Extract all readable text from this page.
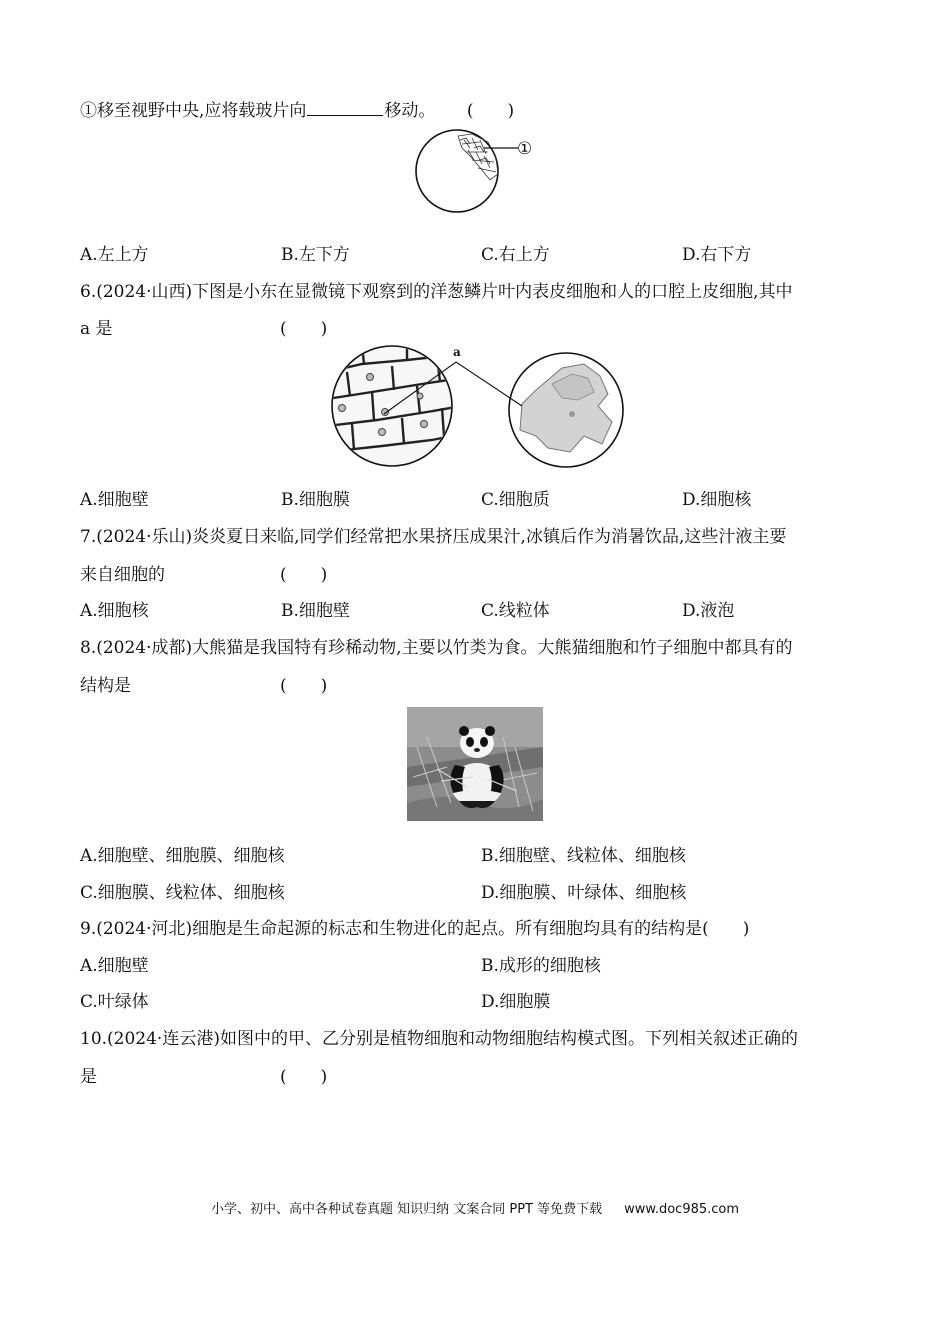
①移至视野中央,应将载玻片向	移动。 (　　)
①
A.左上方	B.左下方	C.右上方	D.右下方
6.(2024·山西)下图是小东在显微镜下观察到的洋葱鳞片叶内表皮细胞和人的口腔上皮细胞,其中
a 是	(　　)
a
A.细胞壁	B.细胞膜	C.细胞质	D.细胞核
7.(2024·乐山)炎炎夏日来临,同学们经常把水果挤压成果汁,冰镇后作为消暑饮品,这些汁液主要
来自细胞的	(　　)
A.细胞核	B.细胞壁	C.线粒体	D.液泡
8.(2024·成都)大熊猫是我国特有珍稀动物,主要以竹类为食。大熊猫细胞和竹子细胞中都具有的
结构是	(　　)
A.细胞壁、细胞膜、细胞核	B.细胞壁、线粒体、细胞核
C.细胞膜、线粒体、细胞核	D.细胞膜、叶绿体、细胞核
9.(2024·河北)细胞是生命起源的标志和生物进化的起点。所有细胞均具有的结构是(　　)
A.细胞壁	B.成形的细胞核
C.叶绿体	D.细胞膜
10.(2024·连云港)如图中的甲、乙分别是植物细胞和动物细胞结构模式图。下列相关叙述正确的
是	(　　)
小学、初中、高中各种试卷真题 知识归纳 文案合同 PPT 等免费下载 www.doc985.com
